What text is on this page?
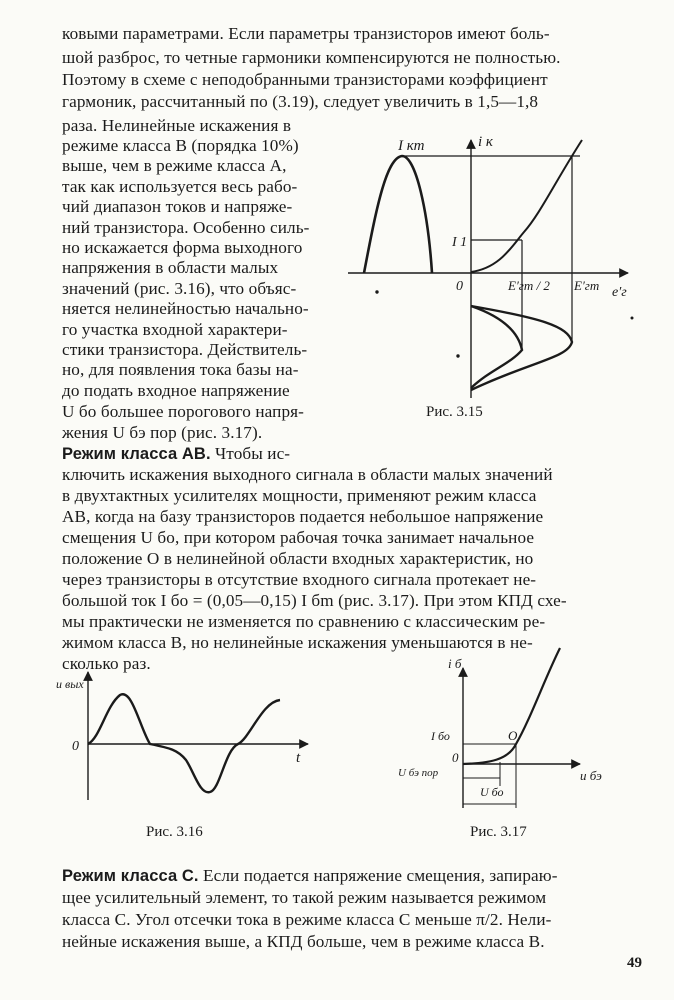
ковыми параметрами. Если параметры транзисторов имеют боль-
шой разброс, то четные гармоники компенсируются не полностью.
Поэтому в схеме с неподобранными транзисторами коэффициент
гармоник, рассчитанный по (3.19), следует увеличить в 1,5—1,8
раза. Нелинейные искажения в
режиме класса В (порядка 10%)
выше, чем в режиме класса А,
так как используется весь рабо-
чий диапазон токов и напряже-
ний транзистора. Особенно силь-
но искажается форма выходного
напряжения в области малых
значений (рис. 3.16), что объяс-
няется нелинейностью начально-
го участка входной характери-
стики транзистора. Действитель-
но, для появления тока базы на-
до подать входное напряжение
U бо большее порогового напря-
жения U бэ пор (рис. 3.17).
Режим класса АВ. Чтобы ис-
ключить искажения выходного сигнала в области малых значений
в двухтактных усилителях мощности, применяют режим класса
АВ, когда на базу транзисторов подается небольшое напряжение
смещения U бо, при котором рабочая точка занимает начальное
положение O в нелинейной области входных характеристик, но
через транзисторы в отсутствие входного сигнала протекает не-
большой ток I бо = (0,05—0,15) I бm (рис. 3.17). При этом КПД схе-
мы практически не изменяется по сравнению с классическим ре-
жимом класса В, но нелинейные искажения уменьшаются в не-
сколько раз.
Режим класса С. Если подается напряжение смещения, запираю-
щее усилительный элемент, то такой режим называется режимом
класса С. Угол отсечки тока в режиме класса С меньше π/2. Нели-
нейные искажения выше, а КПД больше, чем в режиме класса В.
49
I кт	i к
I 1
0	E′гm / 2 E′гm e′г
u вых
0
t
i б
I бо	O
0
U бэ пор
U бо
u бэ
Рис. 3.15
Рис. 3.16	Рис. 3.17
